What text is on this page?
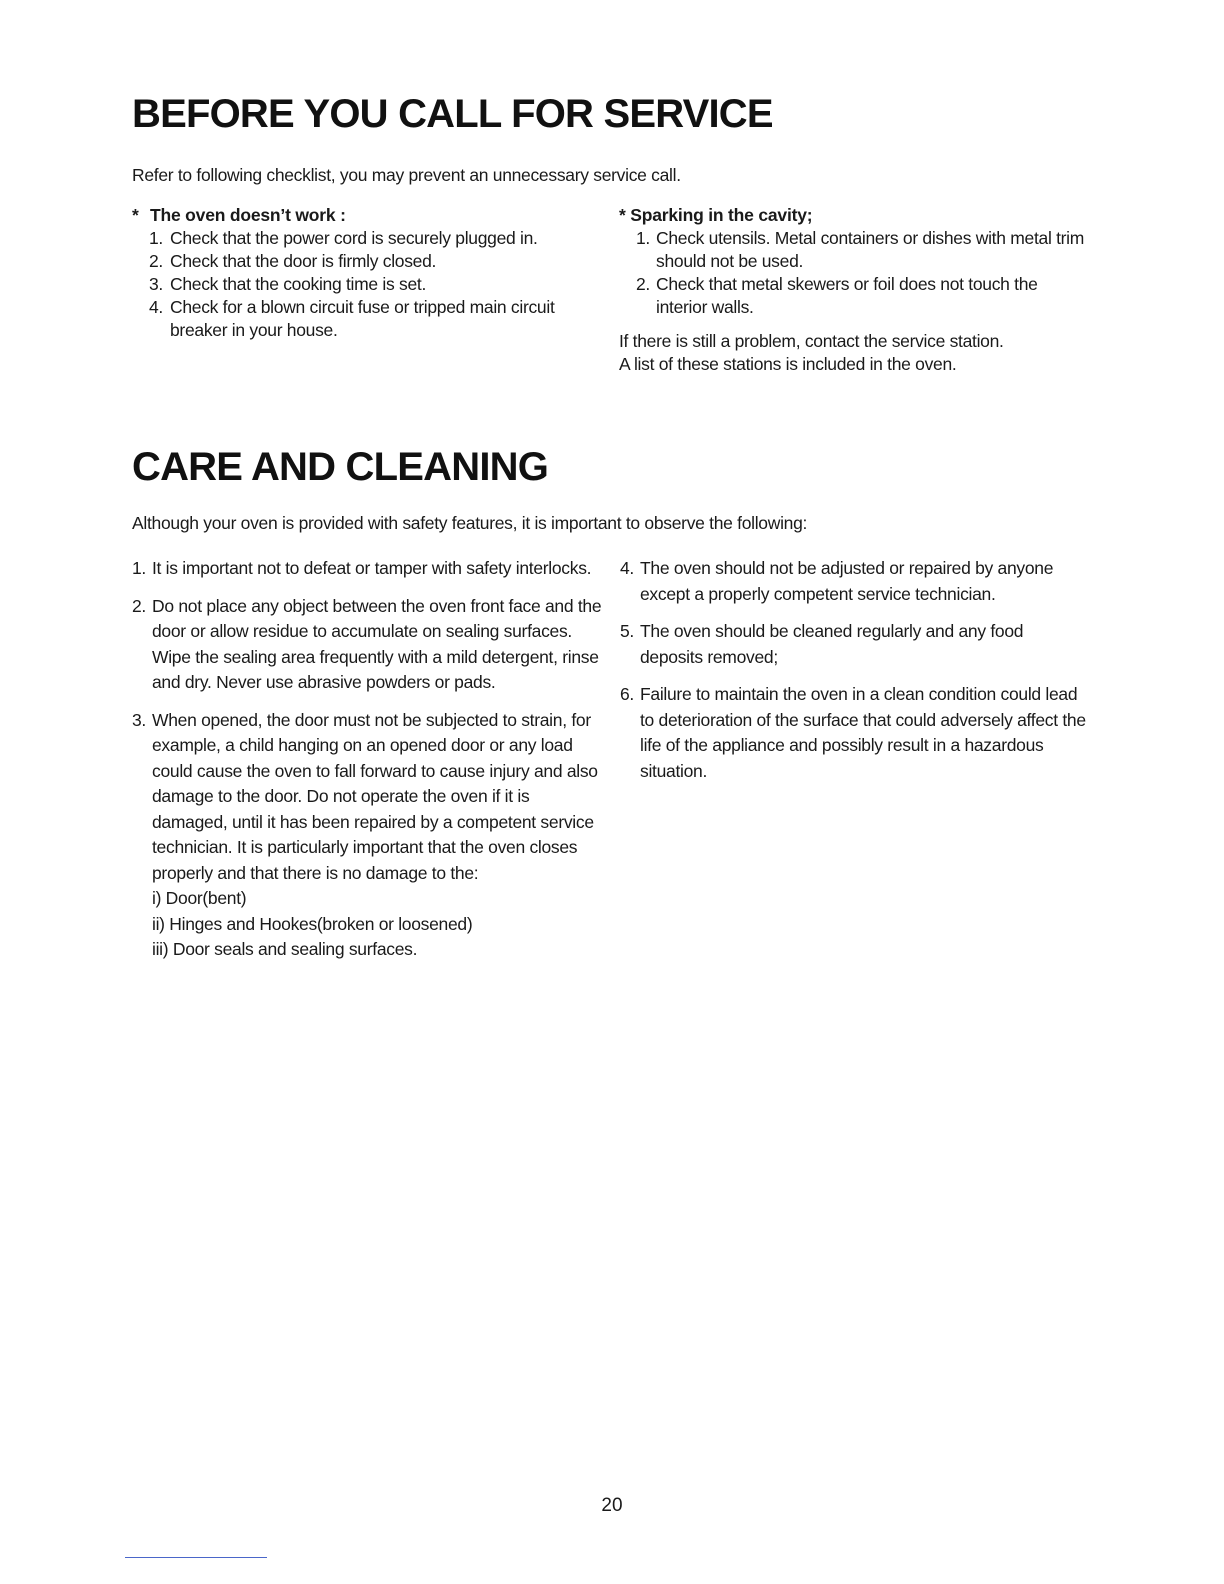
BEFORE YOU CALL FOR SERVICE

Refer to following checklist, you may prevent an unnecessary service call.

* The oven doesn’t work :
1. Check that the power cord is securely plugged in.
2. Check that the door is firmly closed.
3. Check that the cooking time is set.
4. Check for a blown circuit fuse or tripped main circuit breaker in your house.
* Sparking in the cavity;
1. Check utensils. Metal containers or dishes with metal trim should not be used.
2. Check that metal skewers or foil does not touch the interior walls.
If there is still a problem, contact the service station.
A list of these stations is included in the oven.
CARE AND CLEANING

Although your oven is provided with safety features, it is important to observe the following:

1. It is important not to defeat or tamper with safety interlocks.
2. Do not place any object between the oven front face and the door or allow residue to accumulate on sealing surfaces. Wipe the sealing area frequently with a mild detergent, rinse and dry. Never use abrasive powders or pads.
3. When opened, the door must not be subjected to strain, for example, a child hanging on an opened door or any load could cause the oven to fall forward to cause injury and also damage to the door. Do not operate the oven if it is damaged, until it has been repaired by a competent service technician. It is particularly important that the oven closes properly and that there is no damage to the:
i) Door(bent)
ii) Hinges and Hookes(broken or loosened)
iii) Door seals and sealing surfaces.
4. The oven should not be adjusted or repaired by anyone except a properly competent service technician.
5. The oven should be cleaned regularly and any food deposits removed;
6. Failure to maintain the oven in a clean condition could lead to deterioration of the surface that could adversely affect the life of the appliance and possibly result in a hazardous situation.
20
